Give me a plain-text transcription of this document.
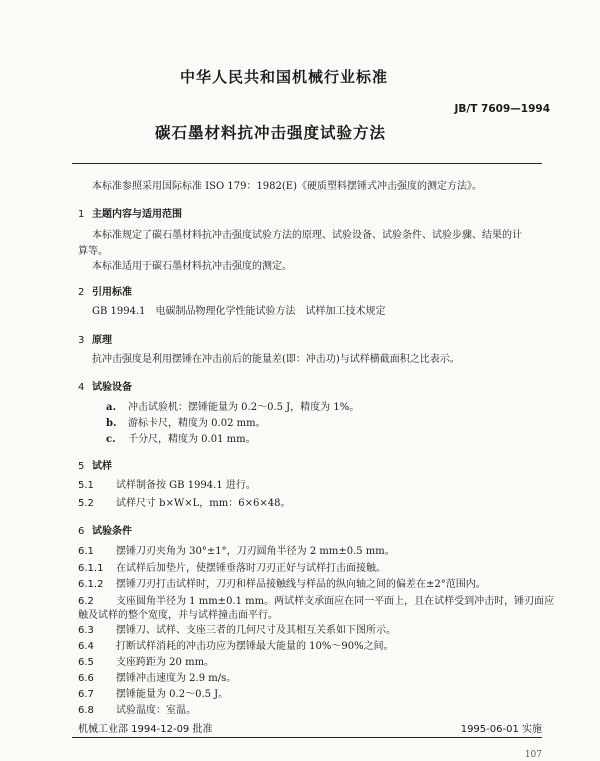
中华人民共和国机械行业标准
JB/T 7609—1994
碳石墨材料抗冲击强度试验方法
本标准参照采用国际标准 ISO 179：1982(E)《硬质塑料摆锤式冲击强度的测定方法》。
1 主题内容与适用范围
本标准规定了碳石墨材料抗冲击强度试验方法的原理、试验设备、试验条件、试验步骤、结果的计
算等。
本标准适用于碳石墨材料抗冲击强度的测定。
2 引用标准
GB 1994.1　电碳制品物理化学性能试验方法　试样加工技术规定
3 原理
抗冲击强度是利用摆锤在冲击前后的能量差(即：冲击功)与试样横截面积之比表示。
4 试验设备
a. 冲击试验机：摆锤能量为 0.2～0.5 J，精度为 1%。
b. 游标卡尺，精度为 0.02 mm。
c. 千分尺，精度为 0.01 mm。
5 试样
5.1 试样制备按 GB 1994.1 进行。
5.2 试样尺寸 b×W×L，mm：6×6×48。
6 试验条件
6.1 摆锤刀刃夹角为 30°±1°，刀刃圆角半径为 2 mm±0.5 mm。
6.1.1 在试样后加垫片，使摆锤垂落时刀刃正好与试样打击面接触。
6.1.2 摆锤刀刃打击试样时，刀刃和样品接触线与样品的纵向轴之间的偏差在±2°范围内。
6.2 支座圆角半径为 1 mm±0.1 mm。两试样支承面应在同一平面上，且在试样受到冲击时，锤刃面应
触及试样的整个宽度，并与试样撞击面平行。
6.3 摆锤刀、试样、支座三者的几何尺寸及其相互关系如下图所示。
6.4 打断试样消耗的冲击功应为摆锤最大能量的 10%～90%之间。
6.5 支座跨距为 20 mm。
6.6 摆锤冲击速度为 2.9 m/s。
6.7 摆锤能量为 0.2～0.5 J。
6.8 试验温度：室温。
机械工业部 1994-12-09 批准	1995-06-01 实施
107
